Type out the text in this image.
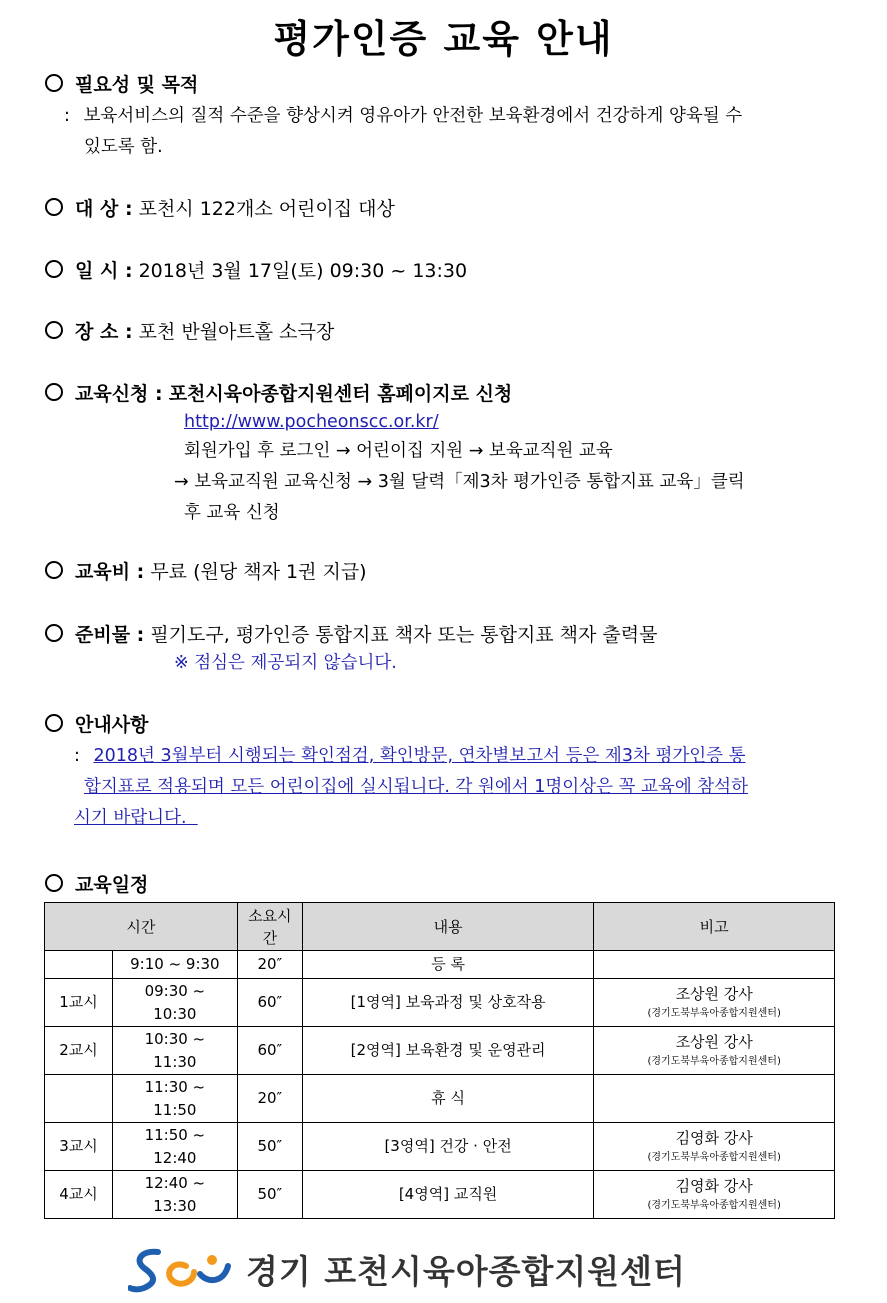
평가인증 교육 안내
필요성 및 목적
: 보육서비스의 질적 수준을 향상시켜 영유아가 안전한 보육환경에서 건강하게 양육될 수
있도록 함.
대 상 : 포천시 122개소 어린이집 대상
일 시 : 2018년 3월 17일(토) 09:30 ~ 13:30
장 소 : 포천 반월아트홀 소극장
교육신청 : 포천시육아종합지원센터 홈페이지로 신청
http://www.pocheonscc.or.kr/
회원가입 후 로그인 → 어린이집 지원 → 보육교직원 교육
→ 보육교직원 교육신청 → 3월 달력「제3차 평가인증 통합지표 교육」클릭
후 교육 신청
교육비 : 무료 (원당 책자 1권 지급)
준비물 : 필기도구, 평가인증 통합지표 책자 또는 통합지표 책자 출력물
※ 점심은 제공되지 않습니다.
안내사항
: 2018년 3월부터 시행되는 확인점검, 확인방문, 연차별보고서 등은 제3차 평가인증 통
합지표로 적용되며 모든 어린이집에 실시됩니다. 각 원에서 1명이상은 꼭 교육에 참석하
시기 바랍니다.
교육일정
시간		소요시간	내용	비고
	9:10 ~ 9:30	20″	등 록	
1교시	09:30 ~ 10:30	60″	[1영역] 보육과정 및 상호작용	조상원 강사
(경기도북부육아종합지원센터)

2교시	10:30 ~ 11:30	60″	[2영역] 보육환경 및 운영관리	조상원 강사
(경기도북부육아종합지원센터)

	11:30 ~ 11:50	20″	휴 식	
3교시	11:50 ~ 12:40	50″	[3영역] 건강 · 안전	김영화 강사
(경기도북부육아종합지원센터)

4교시	12:40 ~ 13:30	50″	[4영역] 교직원	김영화 강사
(경기도북부육아종합지원센터)
경기 포천시육아종합지원센터
